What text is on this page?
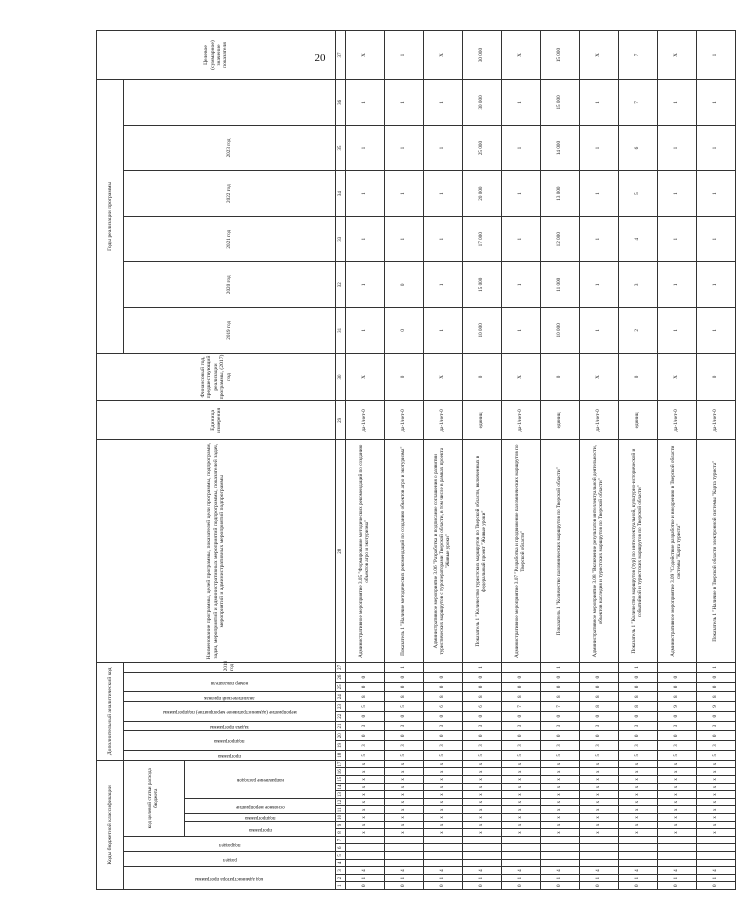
20
Коды бюджетной классификации																	Дополнительный аналитический код										Наименование программы, целей программы, показателей цели программы, подпрограмм, задач, мероприятий и административных мероприятий подпрограммы, показателей задач, мероприятий и административных мероприятий подпрограммы	Единица измерения	Финансовый год, предшествующий реализации программы, (2017) год	Годы реализации программы						Целевое (суммарное) значение показателя

код администратора программы			раздел		подраздел		код целевой статьи расхода бюджета										программа	подпрограмма		задача программы	мероприятие (административное мероприятие) подпрограммы		аналитический признак	номер показателя		2018 год				2019 год	2020 год	2021 год	2022 год	2023 год		

							программа		подпрограмма	основное мероприятие		направление расходов																								

1	2	3	4	5	6	7	8	9	10	11	12	13	14	15	16	17	18	19	20	21	22	23	24	25	26	27	28	29	30	31	32	33	34	35	36	37
0	1	4					х	х	х	х	х	х	х	х	х	х	5	3	0	3	0	5	8	0	0		Административное мероприятие 3.05 "Формирование методических рекомендаций по созданию объектов агро и экотуризма"	да-1/нет-0	Х	1	1	1	1	1	1	Х
0	1	4					х	х	х	х	х	х	х	х	х	х	5	3	0	3	0	5	8	0	0	1	Показатель 1 "Наличие методических рекомендаций по созданию объектов агро и экотуризма"	да-1/нет-0	0	0	0	1	1	1	1	1
0	1	4					х	х	х	х	х	х	х	х	х	х	5	3	0	3	0	6	8	0	0		Административное мероприятие 3.06 "Разработка и подписание соглашения о развитии туристических маршрутов с туроператорами Тверской области, в том числе в рамках проекта "Живые уроки"	да-1/нет-0	Х	1	1	1	1	1	1	Х
0	1	4					х	х	х	х	х	х	х	х	х	х	5	3	0	3	0	6	8	0	0	1	Показатель 1 "Количество туристских маршрутов по Тверской области, включенных в федеральный проект "Живые уроки"	единиц	0	10 000	15 000	17 000	20 000	25 000	30 000	30 000
0	1	4					х	х	х	х	х	х	х	х	х	х	5	3	0	3	0	7	8	0	0		Административное мероприятие 3.07 "Разработка и продвижение паломнических маршрутов по Тверской области"	да-1/нет-0	Х	1	1	1	1	1	1	Х
0	1	4					х	х	х	х	х	х	х	х	х	х	5	3	0	3	0	7	8	0	0	1	Показатель 1 "Количество паломнических маршрутов по Тверской области"	единиц	0	10 000	11 000	12 000	13 000	14 000	15 000	15 000
0	1	4					х	х	х	х	х	х	х	х	х	х	5	3	0	3	0	8	8	0	0		Административное мероприятие 3.08 "Включение результатов интеллектуальной деятельности, объектов наследия и туристских маршрутов по Тверской области"	да-1/нет-0	Х	1	1	1	1	1	1	Х
0	1	4					х	х	х	х	х	х	х	х	х	х	5	3	0	3	0	8	8	0	0	1	Показатель 1 "Количество маршрутов (тур) по интеллектуальной, культурно-исторической и событийной и туристских маршрутов по Тверской области"	единиц	0	2	3	4	5	6	7	7
0	1	4					х	х	х	х	х	х	х	х	х	х	5	3	0	3	0	9	8	0	0		Административное мероприятие 3.09 "Содействие разработке и внедрению в Тверской области системы "Карта туриста"	да-1/нет-0	Х	1	1	1	1	1	1	Х
0	1	4					х	х	х	х	х	х	х	х	х	х	5	3	0	3	0	9	8	0	0	1	Показатель 1 "Наличие в Тверской области электронной системы "Карта туриста"	да-1/нет-0	0	1	1	1	1	1	1	1
